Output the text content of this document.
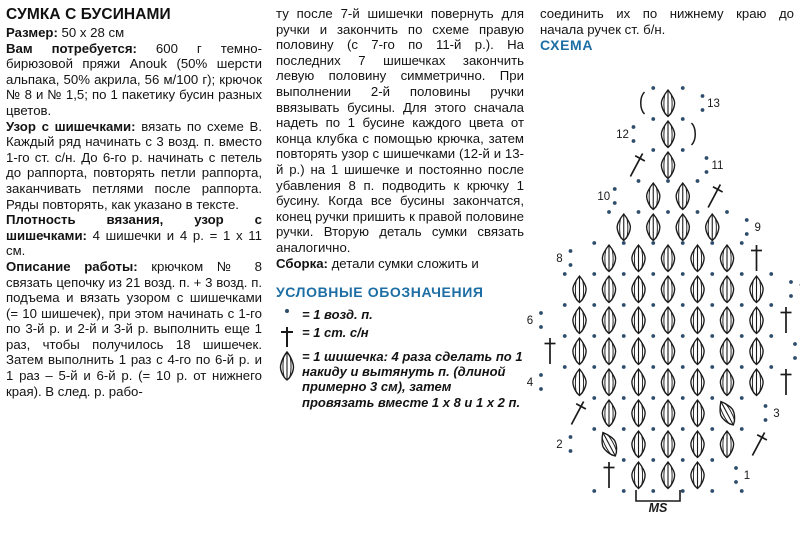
СУМКА С БУСИНАМИ

Размер: 50 х 28 см

Вам потребуется: 600 г темно-бирюзовой пряжи Anouk (50% шерсти альпака, 50% акрила, 56 м/100 г); крючок № 8 и № 1,5; по 1 пакетику бусин разных цветов.

Узор с шишечками: вязать по схеме В. Каждый ряд начинать с 3 возд. п. вместо 1-го ст. с/н. До 6-го р. начинать с петель до раппорта, повторять петли раппорта, заканчивать петлями после раппорта. Ряды повторять, как указано в тексте.

Плотность вязания, узор с шишечками: 4 шишечки и 4 р. = 1 х 11 см.

Описание работы: крючком № 8 связать цепочку из 21 возд. п. + 3 возд. п. подъема и вязать узором с шишечками (= 10 шишечек), при этом начинать с 1-го по 3-й р. и 2-й и 3-й р. выполнить еще 1 раз, чтобы получилось 18 шишечек. Затем выполнить 1 раз с 4-го по 6-й р. и 1 раз – 5-й и 6-й р. (= 10 р. от нижнего края). В след. р. рабо-

ту после 7-й шишечки повернуть для ручки и закончить по схеме правую половину (с 7-го по 11-й р.). На последних 7 шишечках закончить левую половину симметрично. При выполнении 2-й половины ручки ввязывать бусины. Для этого сначала надеть по 1 бусине каждого цвета от конца клубка с помощью крючка, затем повторять узор с шишечками (12-й и 13-й р.) на 1 шишечке и постоянно после убавления 8 п. подводить к крючку 1 бусину. Когда все бусины закончатся, конец ручки пришить к правой половине ручки. Вторую деталь сумки связать аналогично.

Сборка: детали сумки сложить и

УСЛОВНЫЕ ОБОЗНАЧЕНИЯ
= 1 возд. п.
= 1 ст. с/н
= 1 шишечка: 4 раза сделать по 1 накиду и вытянуть п. (длиной примерно 3 см), затем провязать вместе 1 х 8 и 1 х 2 п.

соединить их по нижнему краю до начала ручек ст. б/н.

СХЕМА
1
2
3
4
6
8
9
10
11
12
13
MS
